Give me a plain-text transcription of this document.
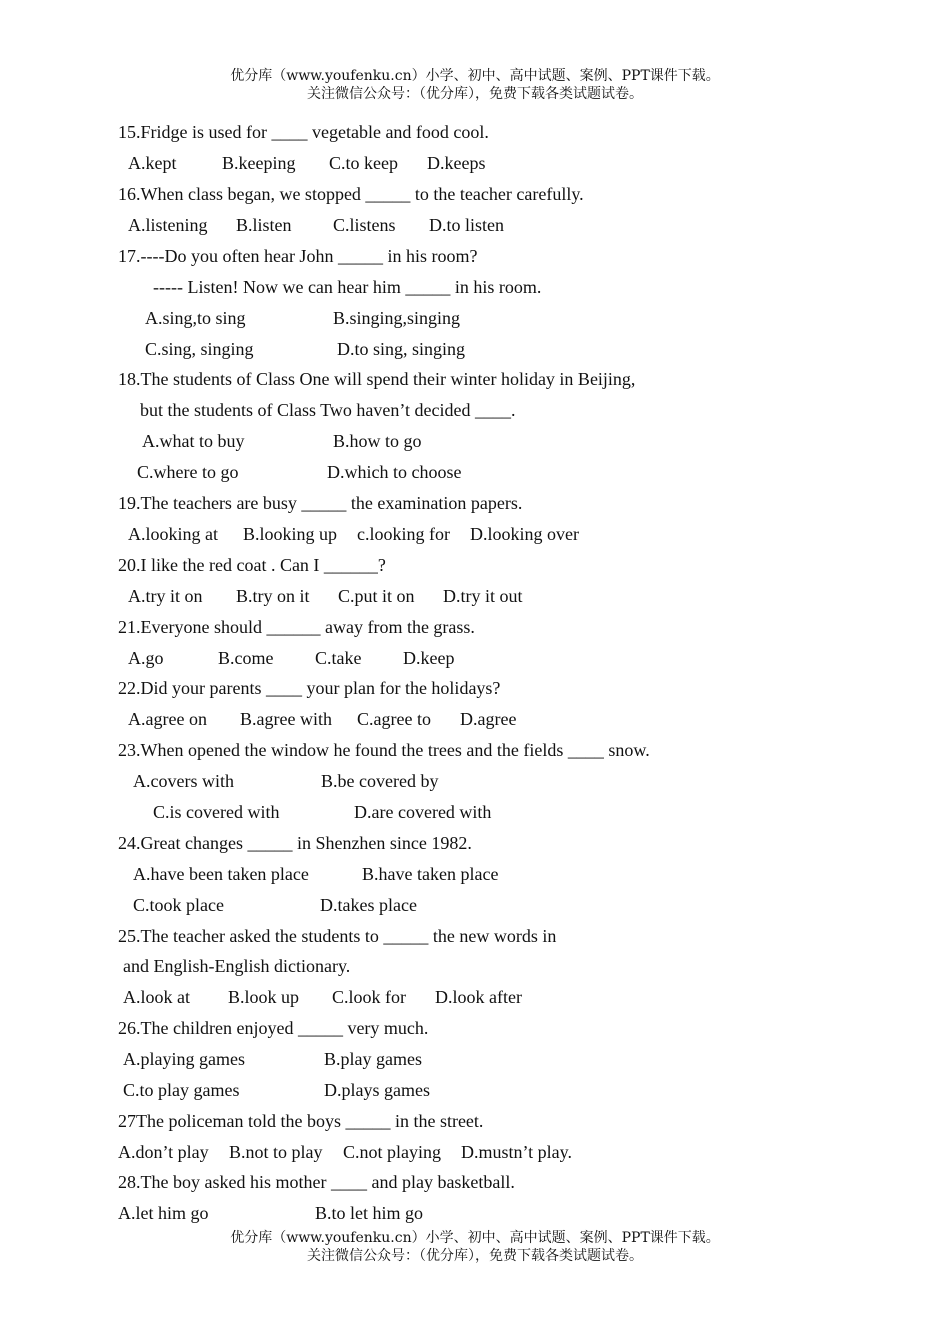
优分库（www.youfenku.cn）小学、初中、高中试题、案例、PPT课件下载。
关注微信公众号：（优分库），免费下载各类试题试卷。
15.Fridge is used for ____ vegetable and food cool.
A.kept	B.keeping C.to keep D.keeps
16.When class began, we stopped _____ to the teacher carefully.
A.listening B.listen C.listens D.to listen
17.----Do you often hear John _____ in his room?
----- Listen! Now we can hear him _____ in his room.
A.sing,to sing	B.singing,singing
C.sing, singing	D.to sing, singing
18.The students of Class One will spend their winter holiday in Beijing,
but the students of Class Two haven’t decided ____.
A.what to buy	B.how to go
C.where to go	D.which to choose
19.The teachers are busy _____ the examination papers.
A.looking at B.looking up c.looking for D.looking over
20.I like the red coat . Can I ______?
A.try it on B.try on it C.put it on D.try it out
21.Everyone should ______ away from the grass.
A.go	B.come C.take D.keep
22.Did your parents ____ your plan for the holidays?
A.agree on B.agree with C.agree to D.agree
23.When opened the window he found the trees and the fields ____ snow.
A.covers with	B.be covered by
C.is covered with	D.are covered with
24.Great changes _____ in Shenzhen since 1982.
A.have been taken place	B.have taken place
C.took place	D.takes place
25.The teacher asked the students to _____ the new words in
and English-English dictionary.
A.look at B.look up C.look for D.look after
26.The children enjoyed _____ very much.
A.playing games	B.play games
C.to play games	D.plays games
27The policeman told the boys _____ in the street.
A.don’t play B.not to play C.not playing D.mustn’t play.
28.The boy asked his mother ____ and play basketball.
A.let him go	B.to let him go
优分库（www.youfenku.cn）小学、初中、高中试题、案例、PPT课件下载。
关注微信公众号：（优分库），免费下载各类试题试卷。
